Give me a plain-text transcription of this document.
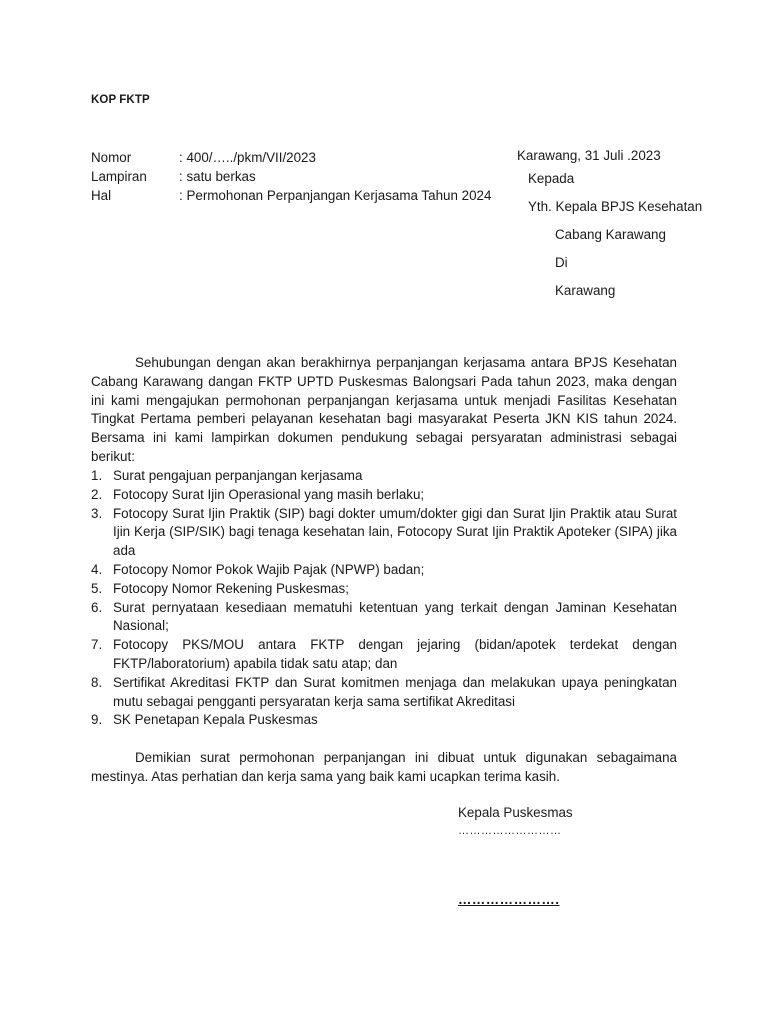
KOP FKTP
Nomor	: 400/…../pkm/VII/2023
Lampiran : satu berkas
Hal	: Permohonan Perpanjangan Kerjasama Tahun 2024
Karawang, 31 Juli .2023
Kepada
Yth. Kepala BPJS Kesehatan
Cabang Karawang
Di
Karawang
Sehubungan dengan akan berakhirnya perpanjangan kerjasama antara BPJS Kesehatan Cabang Karawang dangan FKTP UPTD Puskesmas Balongsari Pada tahun 2023, maka dengan ini kami mengajukan permohonan perpanjangan kerjasama untuk menjadi Fasilitas Kesehatan Tingkat Pertama pemberi pelayanan kesehatan bagi masyarakat Peserta JKN KIS tahun 2024. Bersama ini kami lampirkan dokumen pendukung sebagai persyaratan administrasi sebagai berikut:
1. Surat pengajuan perpanjangan kerjasama
2. Fotocopy Surat Ijin Operasional yang masih berlaku;
3. Fotocopy Surat Ijin Praktik (SIP) bagi dokter umum/dokter gigi dan Surat Ijin Praktik atau Surat Ijin Kerja (SIP/SIK) bagi tenaga kesehatan lain, Fotocopy Surat Ijin Praktik Apoteker (SIPA) jika ada
4. Fotocopy Nomor Pokok Wajib Pajak (NPWP) badan;
5. Fotocopy Nomor Rekening Puskesmas;
6. Surat pernyataan kesediaan mematuhi ketentuan yang terkait dengan Jaminan Kesehatan Nasional;
7. Fotocopy PKS/MOU antara FKTP dengan jejaring (bidan/apotek terdekat dengan FKTP/laboratorium) apabila tidak satu atap; dan
8. Sertifikat Akreditasi FKTP dan Surat komitmen menjaga dan melakukan upaya peningkatan mutu sebagai pengganti persyaratan kerja sama sertifikat Akreditasi
9. SK Penetapan Kepala Puskesmas
Demikian surat permohonan perpanjangan ini dibuat untuk digunakan sebagaimana mestinya. Atas perhatian dan kerja sama yang baik kami ucapkan terima kasih.
Kepala Puskesmas
………………………
………………….
